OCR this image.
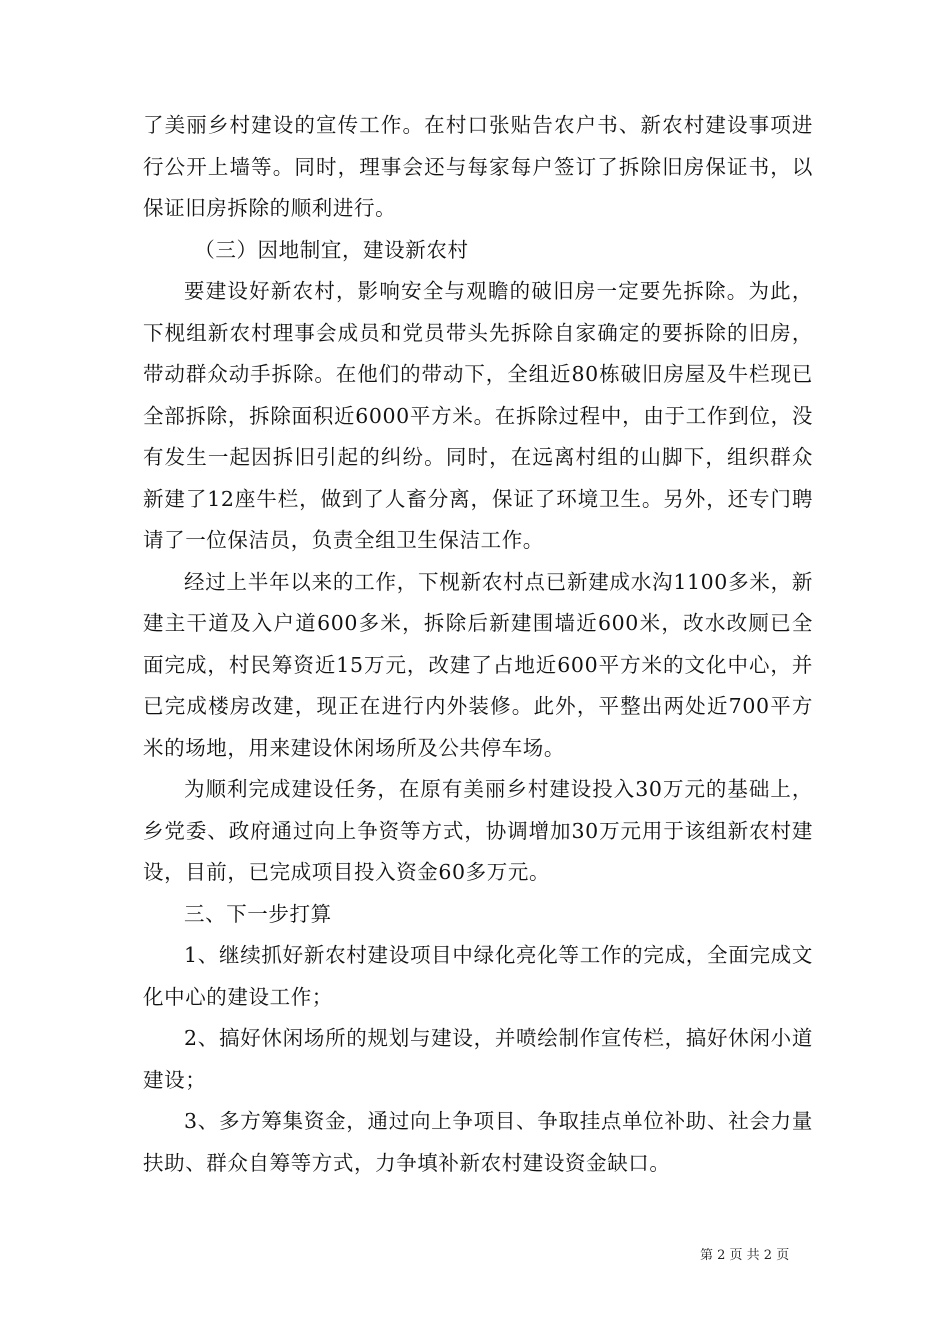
了美丽乡村建设的宣传工作。在村口张贴告农户书、新农村建设事项进行公开上墙等。同时，理事会还与每家每户签订了拆除旧房保证书，以保证旧房拆除的顺利进行。

（三）因地制宜，建设新农村

要建设好新农村，影响安全与观瞻的破旧房一定要先拆除。为此，下枧组新农村理事会成员和党员带头先拆除自家确定的要拆除的旧房，带动群众动手拆除。在他们的带动下，全组近80栋破旧房屋及牛栏现已全部拆除，拆除面积近6000平方米。在拆除过程中，由于工作到位，没有发生一起因拆旧引起的纠纷。同时，在远离村组的山脚下，组织群众新建了12座牛栏，做到了人畜分离，保证了环境卫生。另外，还专门聘请了一位保洁员，负责全组卫生保洁工作。

经过上半年以来的工作，下枧新农村点已新建成水沟1100多米，新建主干道及入户道600多米，拆除后新建围墙近600米，改水改厕已全面完成，村民筹资近15万元，改建了占地近600平方米的文化中心，并已完成楼房改建，现正在进行内外装修。此外，平整出两处近700平方米的场地，用来建设休闲场所及公共停车场。

为顺利完成建设任务，在原有美丽乡村建设投入30万元的基础上，乡党委、政府通过向上争资等方式，协调增加30万元用于该组新农村建设，目前，已完成项目投入资金60多万元。

三、下一步打算

1、继续抓好新农村建设项目中绿化亮化等工作的完成，全面完成文化中心的建设工作；

2、搞好休闲场所的规划与建设，并喷绘制作宣传栏，搞好休闲小道建设；

3、多方筹集资金，通过向上争项目、争取挂点单位补助、社会力量扶助、群众自筹等方式，力争填补新农村建设资金缺口。

第 2 页 共 2 页
